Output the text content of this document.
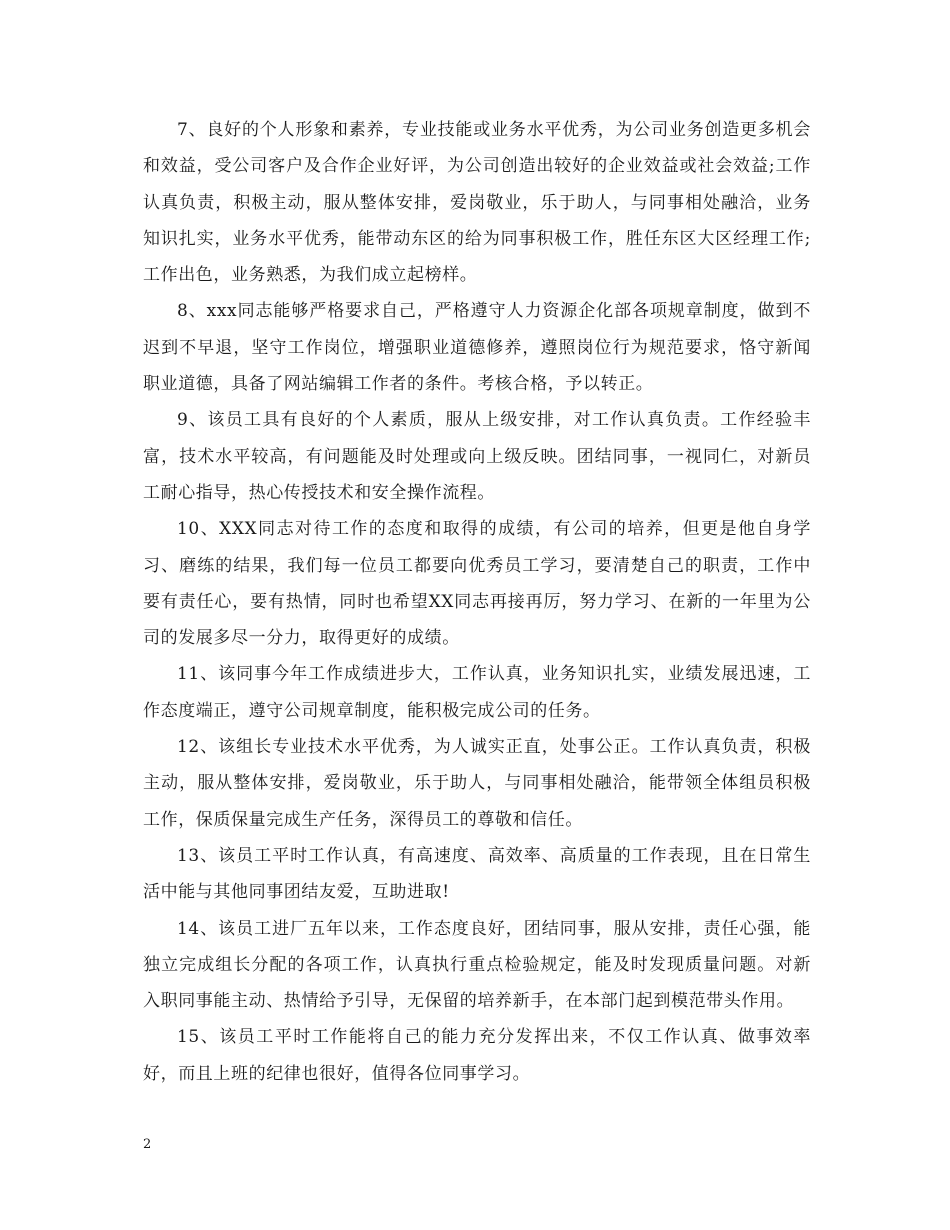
7、良好的个人形象和素养，专业技能或业务水平优秀，为公司业务创造更多机会和效益，受公司客户及合作企业好评，为公司创造出较好的企业效益或社会效益;工作认真负责，积极主动，服从整体安排，爱岗敬业，乐于助人，与同事相处融洽，业务知识扎实，业务水平优秀，能带动东区的给为同事积极工作，胜任东区大区经理工作;工作出色，业务熟悉，为我们成立起榜样。

8、xxx同志能够严格要求自己，严格遵守人力资源企化部各项规章制度，做到不迟到不早退，坚守工作岗位，增强职业道德修养，遵照岗位行为规范要求，恪守新闻职业道德，具备了网站编辑工作者的条件。考核合格，予以转正。

9、该员工具有良好的个人素质，服从上级安排，对工作认真负责。工作经验丰富，技术水平较高，有问题能及时处理或向上级反映。团结同事，一视同仁，对新员工耐心指导，热心传授技术和安全操作流程。

10、XXX同志对待工作的态度和取得的成绩，有公司的培养，但更是他自身学习、磨练的结果，我们每一位员工都要向优秀员工学习，要清楚自己的职责，工作中要有责任心，要有热情，同时也希望XX同志再接再厉，努力学习、在新的一年里为公司的发展多尽一分力，取得更好的成绩。

11、该同事今年工作成绩进步大，工作认真，业务知识扎实，业绩发展迅速，工作态度端正，遵守公司规章制度，能积极完成公司的任务。

12、该组长专业技术水平优秀，为人诚实正直，处事公正。工作认真负责，积极主动，服从整体安排，爱岗敬业，乐于助人，与同事相处融洽，能带领全体组员积极工作，保质保量完成生产任务，深得员工的尊敬和信任。

13、该员工平时工作认真，有高速度、高效率、高质量的工作表现，且在日常生活中能与其他同事团结友爱，互助进取!

14、该员工进厂五年以来，工作态度良好，团结同事，服从安排，责任心强，能独立完成组长分配的各项工作，认真执行重点检验规定，能及时发现质量问题。对新入职同事能主动、热情给予引导，无保留的培养新手，在本部门起到模范带头作用。

15、该员工平时工作能将自己的能力充分发挥出来，不仅工作认真、做事效率好，而且上班的纪律也很好，值得各位同事学习。

2
